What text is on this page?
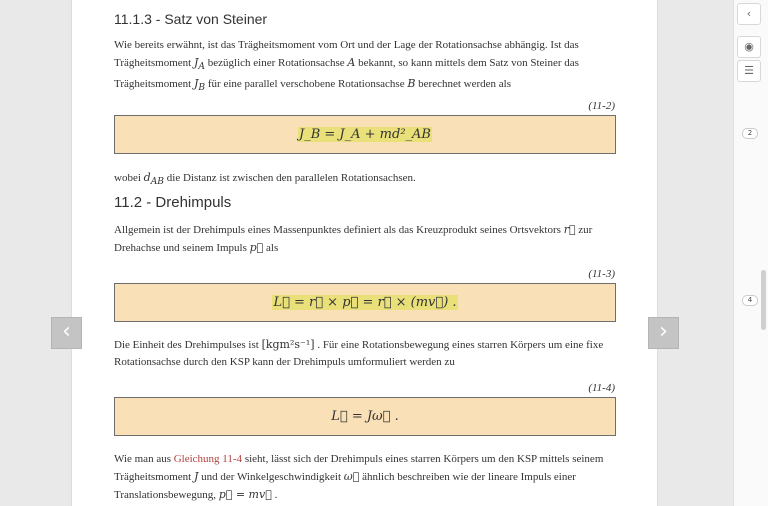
11.1.3 - Satz von Steiner

Wie bereits erwähnt, ist das Trägheitsmoment vom Ort und der Lage der Rotationsachse abhängig. Ist das Trägheitsmoment $J_A$ bezüglich einer Rotationsachse A bekannt, so kann mittels dem Satz von Steiner das Trägheitsmoment $J_B$ für eine parallel verschobene Rotationsachse B berechnet werden als

(11-2)
J_B = J_A + md²_AB

wobei $d_{AB}$ die Distanz ist zwischen den parallelen Rotationsachsen.

11.2 - Drehimpuls

Allgemein ist der Drehimpuls eines Massenpunktes definiert als das Kreuzprodukt seines Ortsvektors r⃗ zur Drehachse und seinem Impuls p⃗ als

(11-3)
L⃗ = r⃗ × p⃗ = r⃗ × (mv⃗) .

Die Einheit des Drehimpulses ist [kgm²s⁻¹] . Für eine Rotationsbewegung eines starren Körpers um eine fixe Rotationsachse durch den KSP kann der Drehimpuls umformuliert werden zu

(11-4)
L⃗ = Jω⃗ .

Wie man aus Gleichung 11-4 sieht, lässt sich der Drehimpuls eines starren Körpers um den KSP mittels seinem Trägheitsmoment J und der Winkelgeschwindigkeit ω⃗ ähnlich beschreiben wie der lineare Impuls einer Translationsbewegung, p⃗ = mv⃗ .

‹	›
‹
◉
☰
2
4
